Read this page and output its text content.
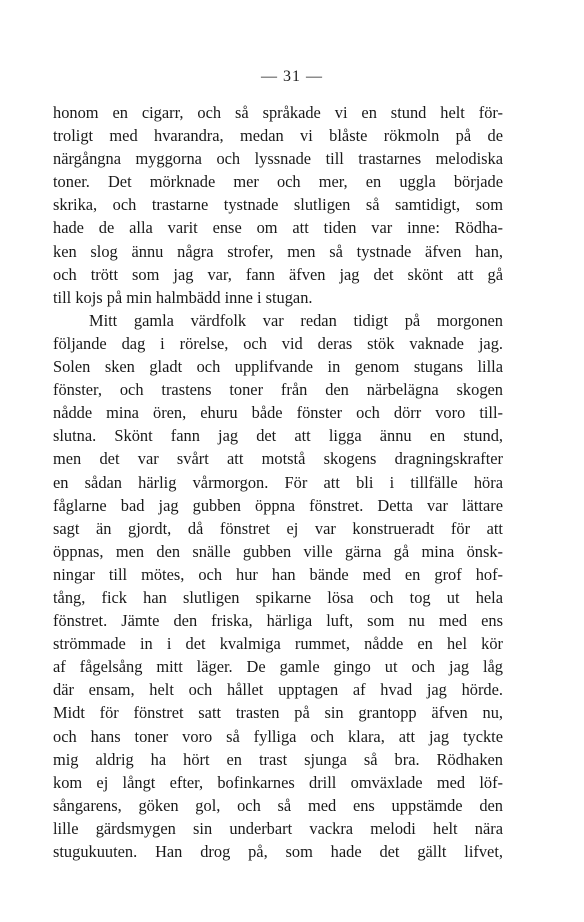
— 31 —
honom en cigarr, och så språkade vi en stund helt för-
troligt med hvarandra, medan vi blåste rökmoln på de
närgångna myggorna och lyssnade till trastarnes melodiska
toner. Det mörknade mer och mer, en uggla började
skrika, och trastarne tystnade slutligen så samtidigt, som
hade de alla varit ense om att tiden var inne: Rödha-
ken slog ännu några strofer, men så tystnade äfven han,
och trött som jag var, fann äfven jag det skönt att gå
till kojs på min halmbädd inne i stugan.
Mitt gamla värdfolk var redan tidigt på morgonen
följande dag i rörelse, och vid deras stök vaknade jag.
Solen sken gladt och upplifvande in genom stugans lilla
fönster, och trastens toner från den närbelägna skogen
nådde mina ören, ehuru både fönster och dörr voro till-
slutna. Skönt fann jag det att ligga ännu en stund,
men det var svårt att motstå skogens dragningskrafter
en sådan härlig vårmorgon. För att bli i tillfälle höra
fåglarne bad jag gubben öppna fönstret. Detta var lättare
sagt än gjordt, då fönstret ej var konstrueradt för att
öppnas, men den snälle gubben ville gärna gå mina önsk-
ningar till mötes, och hur han bände med en grof hof-
tång, fick han slutligen spikarne lösa och tog ut hela
fönstret. Jämte den friska, härliga luft, som nu med ens
strömmade in i det kvalmiga rummet, nådde en hel kör
af fågelsång mitt läger. De gamle gingo ut och jag låg
där ensam, helt och hållet upptagen af hvad jag hörde.
Midt för fönstret satt trasten på sin grantopp äfven nu,
och hans toner voro så fylliga och klara, att jag tyckte
mig aldrig ha hört en trast sjunga så bra. Rödhaken
kom ej långt efter, bofinkarnes drill omväxlade med löf-
sångarens, göken gol, och så med ens uppstämde den
lille gärdsmygen sin underbart vackra melodi helt nära
stugukuuten. Han drog på, som hade det gällt lifvet,
